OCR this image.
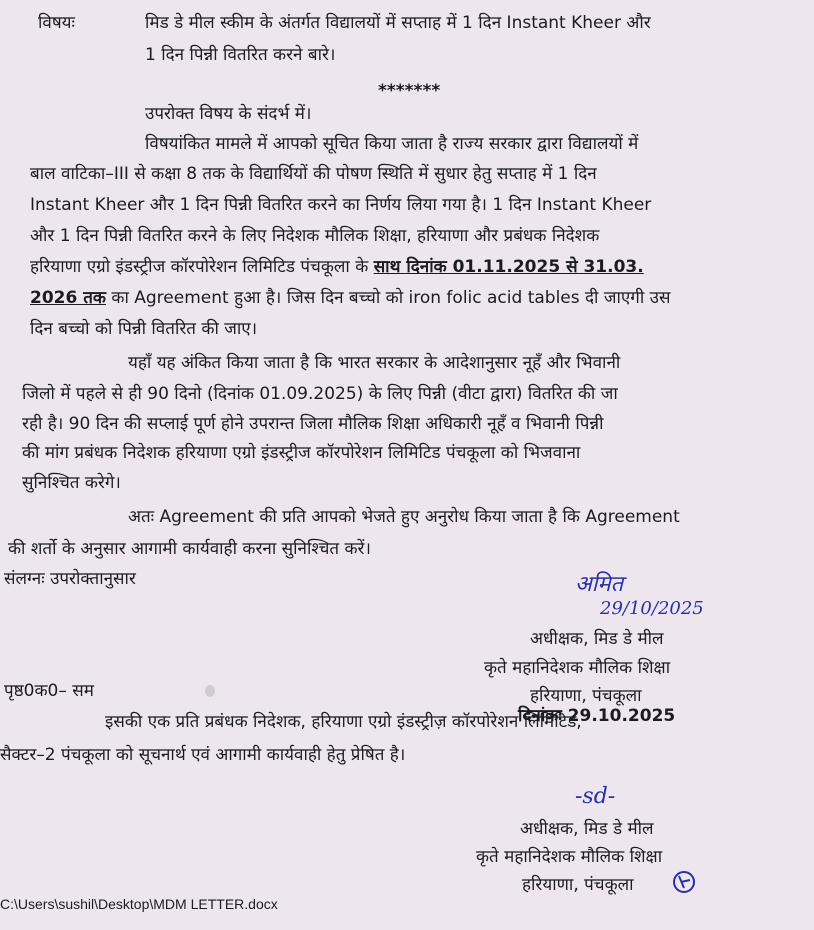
विषयः	मिड डे मील स्कीम के अंतर्गत विद्यालयों में सप्ताह में 1 दिन Instant Kheer और
1 दिन पिन्नी वितरित करने बारे।
*******
उपरोक्त विषय के संदर्भ में।
विषयांकित मामले में आपको सूचित किया जाता है राज्य सरकार द्वारा विद्यालयों में
बाल वाटिका–III से कक्षा 8 तक के विद्यार्थियों की पोषण स्थिति में सुधार हेतु सप्ताह में 1 दिन
Instant Kheer और 1 दिन पिन्नी वितरित करने का निर्णय लिया गया है। 1 दिन Instant Kheer
और 1 दिन पिन्नी वितरित करने के लिए निदेशक मौलिक शिक्षा, हरियाणा और प्रबंधक निदेशक
हरियाणा एग्रो इंडस्ट्रीज कॉरपोरेशन लिमिटिड पंचकूला के साथ दिनांक 01.11.2025 से 31.03.
2026 तक का Agreement हुआ है। जिस दिन बच्चो को iron folic acid tables दी जाएगी उस
दिन बच्चो को पिन्नी वितरित की जाए।
यहाँ यह अंकित किया जाता है कि भारत सरकार के आदेशानुसार नूहँ और भिवानी
जिलो में पहले से ही 90 दिनो (दिनांक 01.09.2025) के लिए पिन्नी (वीटा द्वारा) वितरित की जा
रही है। 90 दिन की सप्लाई पूर्ण होने उपरान्त जिला मौलिक शिक्षा अधिकारी नूहँ व भिवानी पिन्नी
की मांग प्रबंधक निदेशक हरियाणा एग्रो इंडस्ट्रीज कॉरपोरेशन लिमिटिड पंचकूला को भिजवाना
सुनिश्चित करेगे।
अतः Agreement की प्रति आपको भेजते हुए अनुरोध किया जाता है कि Agreement
की शर्तो के अनुसार आगामी कार्यवाही करना सुनिश्चित करें।
संलग्नः उपरोक्तानुसार	अमित
29/10/2025
अधीक्षक, मिड डे मील
कृते महानिदेशक मौलिक शिक्षा
हरियाणा, पंचकूला
दिनांकः 29.10.2025
पृष्ठ0क0– सम
इसकी एक प्रति प्रबंधक निदेशक, हरियाणा एग्रो इंडस्ट्रीज़ कॉरपोरेशन लिमिटिड,
सैक्टर–2 पंचकूला को सूचनार्थ एवं आगामी कार्यवाही हेतु प्रेषित है।
-sd-
अधीक्षक, मिड डे मील
कृते महानिदेशक मौलिक शिक्षा
हरियाणा, पंचकूला
C:\Users\sushil\Desktop\MDM LETTER.docx
